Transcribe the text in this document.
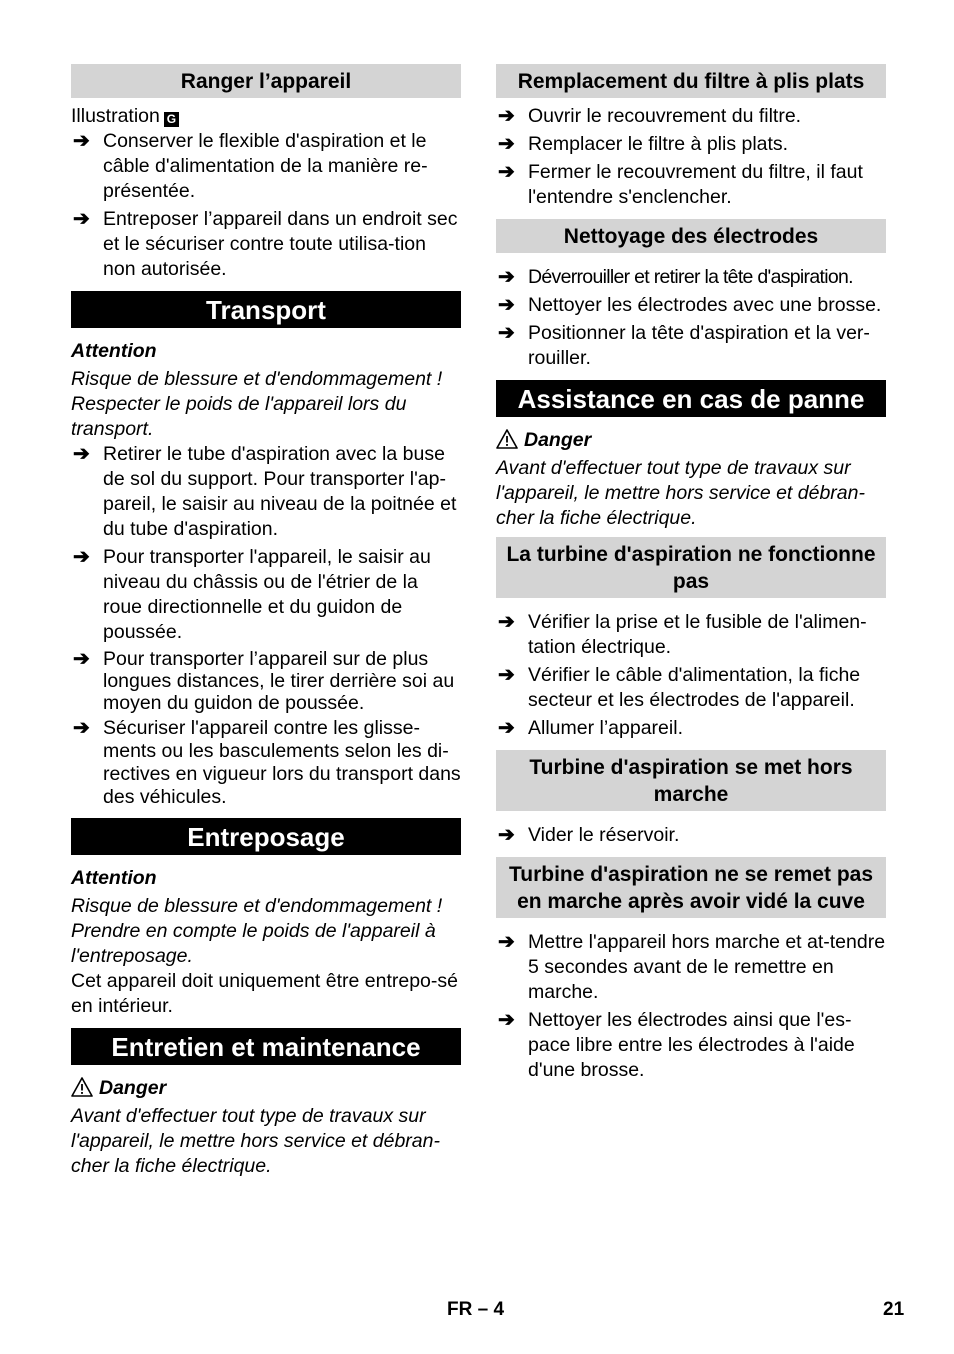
Ranger l’appareil

Illustration G

➔ Conserver le flexible d'aspiration et le câble d'alimentation de la manière re-présentée.
➔ Entreposer l’appareil dans un endroit sec et le sécuriser contre toute utilisa-tion non autorisée.
Transport

Attention

Risque de blessure et d'endommagement ! Respecter le poids de l'appareil lors du transport.

➔ Retirer le tube d'aspiration avec la buse de sol du support. Pour transporter l'ap-pareil, le saisir au niveau de la poitnée et du tube d'aspiration.
➔ Pour transporter l'appareil, le saisir au niveau du châssis ou de l'étrier de la roue directionnelle et du guidon de poussée.
➔ Pour transporter l’appareil sur de plus longues distances, le tirer derrière soi au moyen du guidon de poussée.
➔ Sécuriser l'appareil contre les glisse-ments ou les basculements selon les di-rectives en vigueur lors du transport dans des véhicules.
Entreposage

Attention

Risque de blessure et d'endommagement ! Prendre en compte le poids de l'appareil à l'entreposage.

Cet appareil doit uniquement être entrepo-sé en intérieur.

Entretien et maintenance

Danger

Avant d'effectuer tout type de travaux sur l'appareil, le mettre hors service et débran-cher la fiche électrique.

Remplacement du filtre à plis plats
➔ Ouvrir le recouvrement du filtre.
➔ Remplacer le filtre à plis plats.
➔ Fermer le recouvrement du filtre, il faut l'entendre s'enclencher.
Nettoyage des électrodes
➔ Déverrouiller et retirer la tête d'aspiration.
➔ Nettoyer les électrodes avec une brosse.
➔ Positionner la tête d'aspiration et la ver-rouiller.
Assistance en cas de panne

Danger

Avant d'effectuer tout type de travaux sur l'appareil, le mettre hors service et débran-cher la fiche électrique.

La turbine d'aspiration ne fonctionne pas
➔ Vérifier la prise et le fusible de l'alimen-tation électrique.
➔ Vérifier le câble d'alimentation, la fiche secteur et les électrodes de l'appareil.
➔ Allumer l’appareil.
Turbine d'aspiration se met hors marche
➔ Vider le réservoir.
Turbine d'aspiration ne se remet pas en marche après avoir vidé la cuve
➔ Mettre l'appareil hors marche et at-tendre 5 secondes avant de le remettre en marche.
➔ Nettoyer les électrodes ainsi que l'es-pace libre entre les électrodes à l'aide d'une brosse.
FR – 4	21
